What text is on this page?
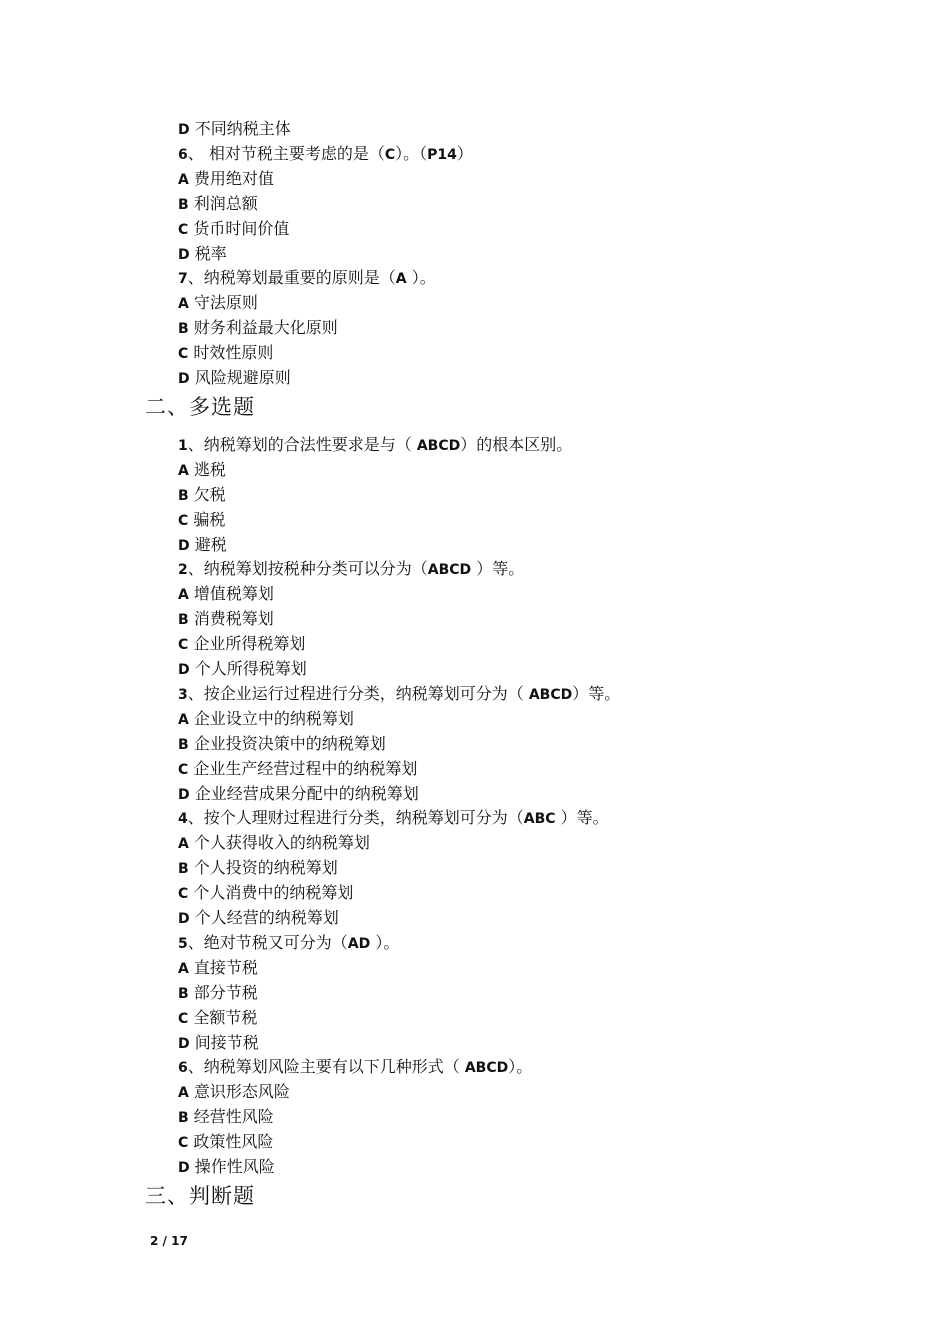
D 不同纳税主体
6、 相对节税主要考虑的是（C）。（P14）
A 费用绝对值
B 利润总额
C 货币时间价值
D 税率
7、纳税筹划最重要的原则是（A ）。
A 守法原则
B 财务利益最大化原则
C 时效性原则
D 风险规避原则
二、多选题
1、纳税筹划的合法性要求是与（ ABCD）的根本区别。
A 逃税
B 欠税
C 骗税
D 避税
2、纳税筹划按税种分类可以分为（ABCD ）等。
A 增值税筹划
B 消费税筹划
C 企业所得税筹划
D 个人所得税筹划
3、按企业运行过程进行分类，纳税筹划可分为（ ABCD）等。
A 企业设立中的纳税筹划
B 企业投资决策中的纳税筹划
C 企业生产经营过程中的纳税筹划
D 企业经营成果分配中的纳税筹划
4、按个人理财过程进行分类，纳税筹划可分为（ABC ）等。
A 个人获得收入的纳税筹划
B 个人投资的纳税筹划
C 个人消费中的纳税筹划
D 个人经营的纳税筹划
5、绝对节税又可分为（AD ）。
A 直接节税
B 部分节税
C 全额节税
D 间接节税
6、纳税筹划风险主要有以下几种形式（ ABCD）。
A 意识形态风险
B 经营性风险
C 政策性风险
D 操作性风险
三、判断题
2 / 17
